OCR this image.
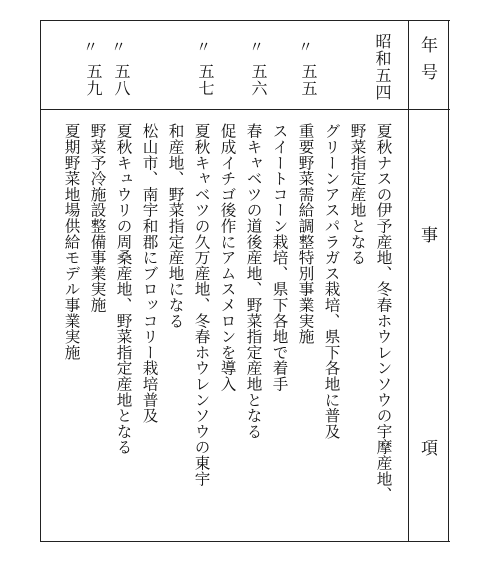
年号
事
項
昭和五四
〃
五五
〃
五六
〃
五七
〃
五八
〃
五九
夏秋ナスの伊予産地、冬春ホウレンソウの宇摩産地、
野菜指定産地となる
グリーンアスパラガス栽培、県下各地に普及
重要野菜需給調整特別事業実施
スイートコーン栽培、県下各地で着手
春キャベツの道後産地、野菜指定産地となる
促成イチゴ後作にアムスメロンを導入
夏秋キャベツの久万産地、冬春ホウレンソウの東宇
和産地、野菜指定産地になる
松山市、南宇和郡にブロッコリー栽培普及
夏秋キュウリの周桑産地、野菜指定産地となる
野菜予冷施設整備事業実施
夏期野菜地場供給モデル事業実施
